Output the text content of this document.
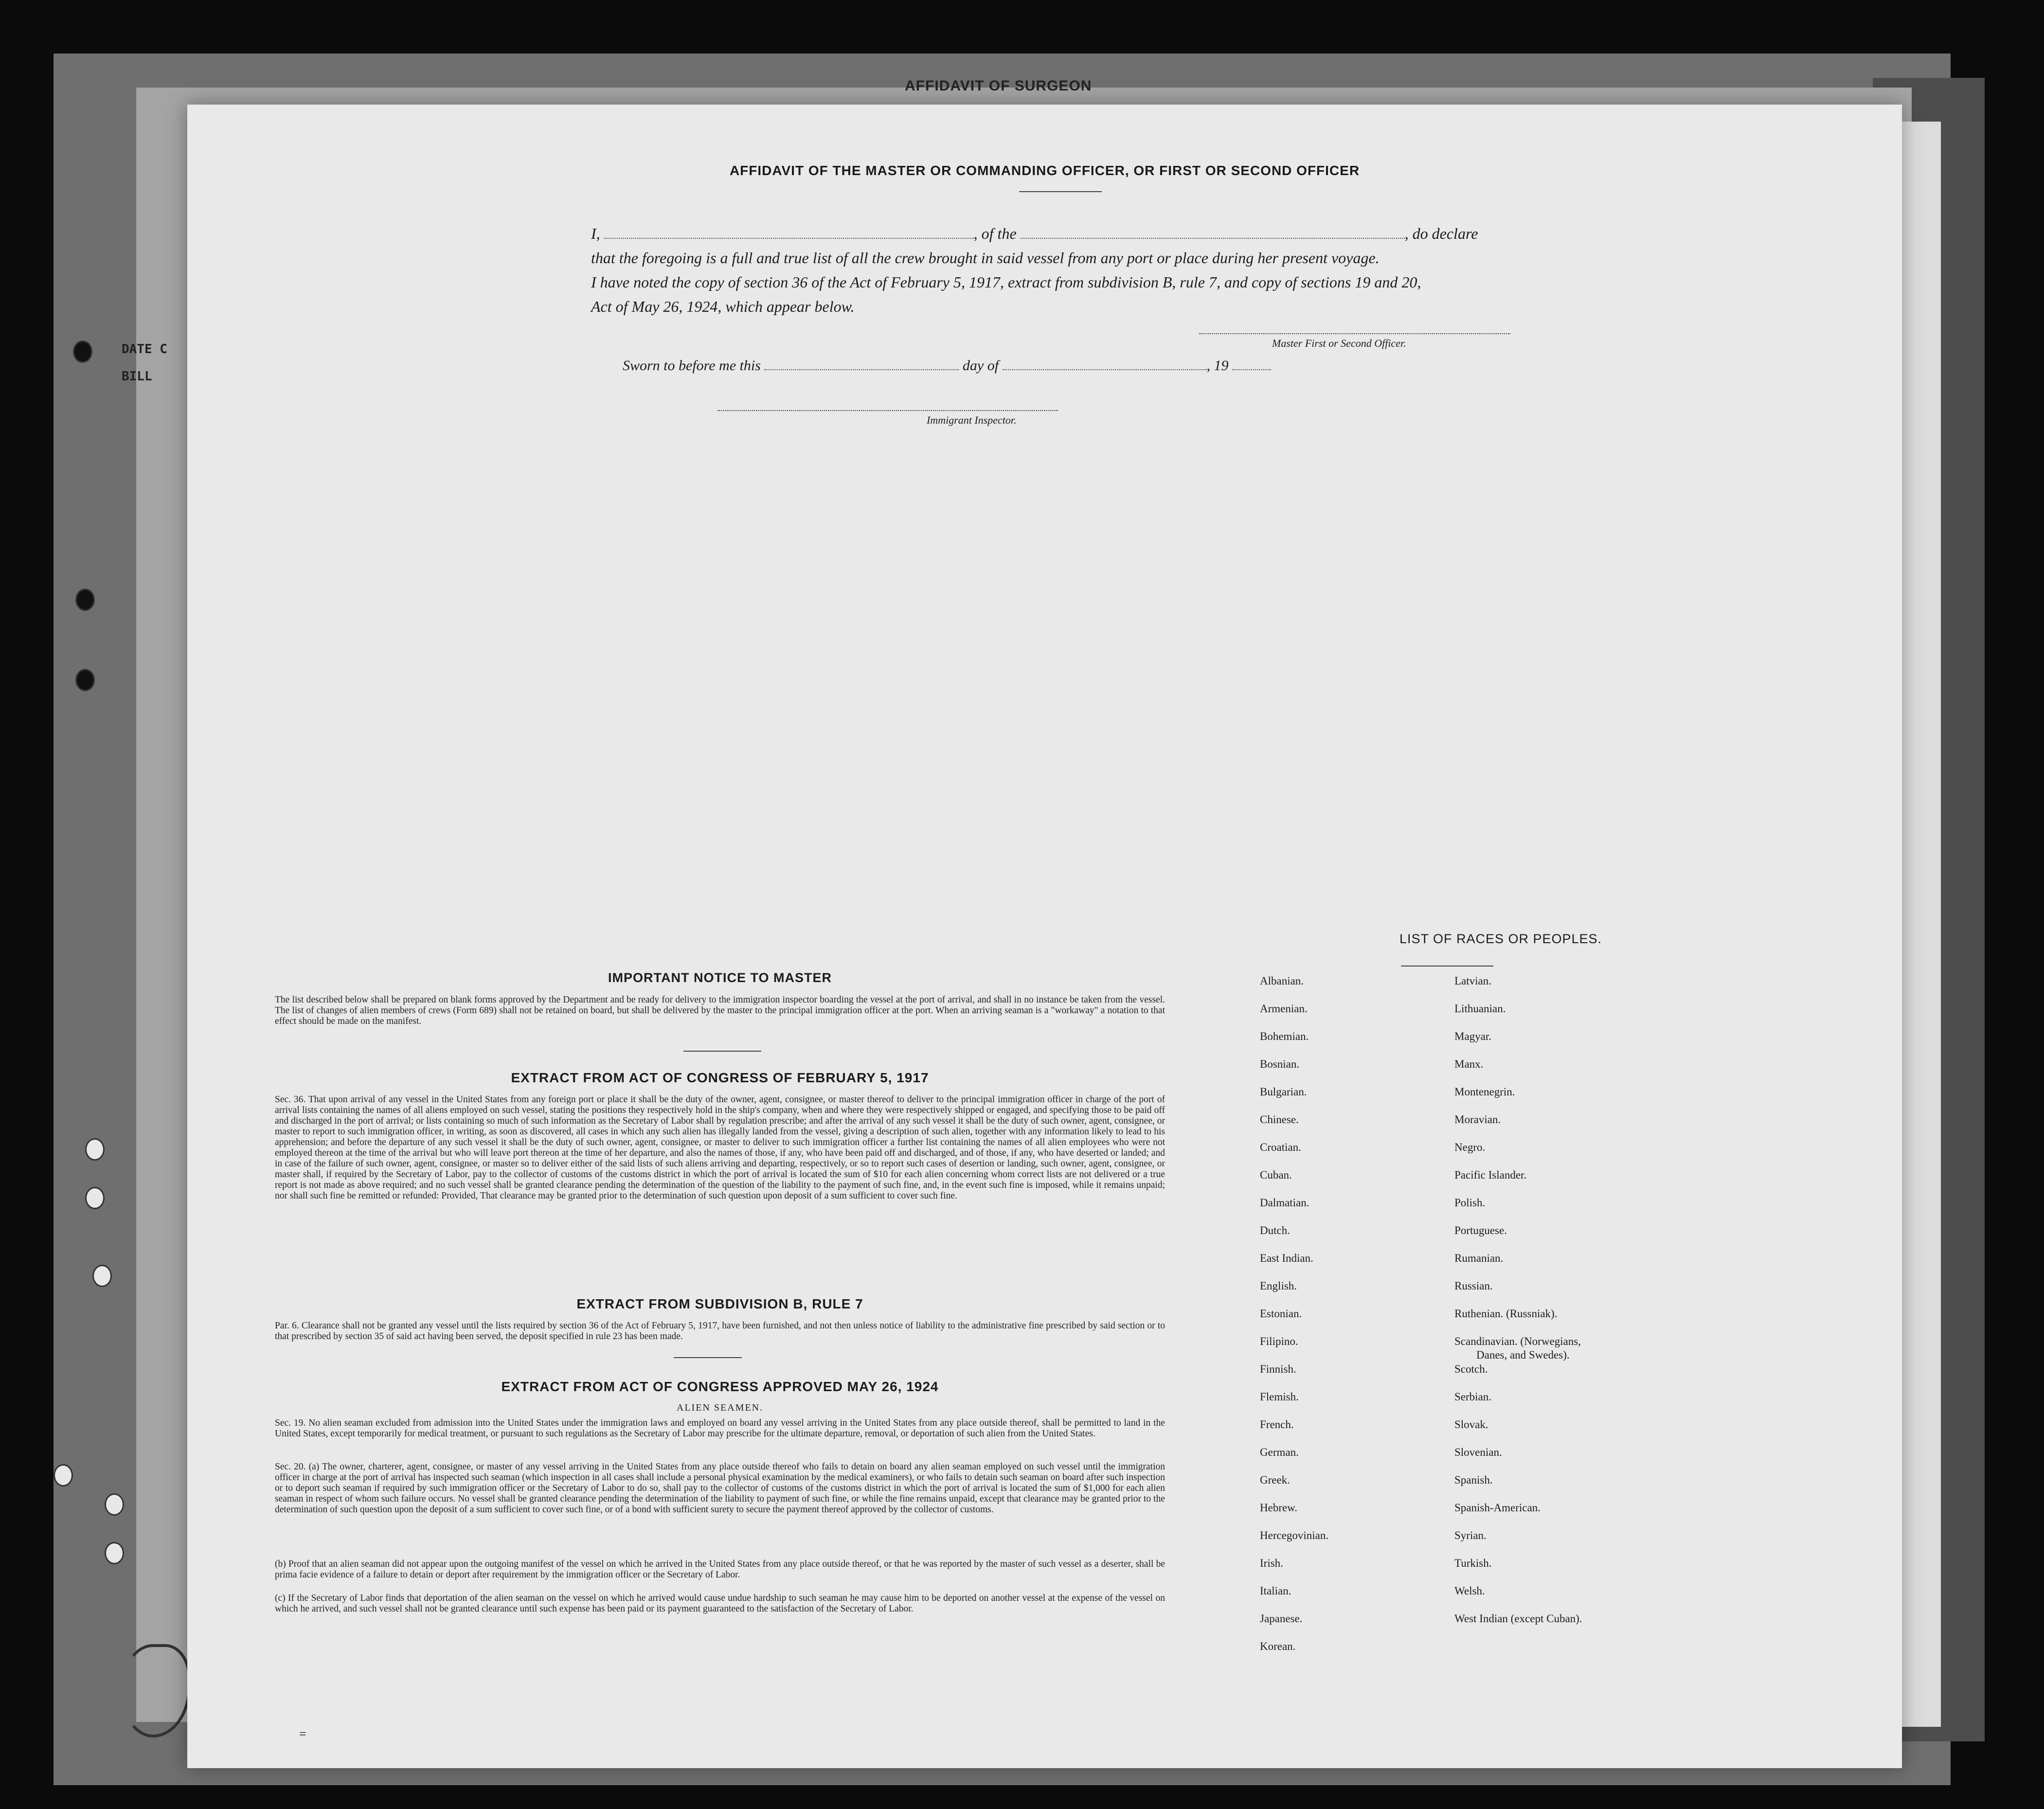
AFFIDAVIT OF SURGEON
DATE C
BILL
AFFIDAVIT OF THE MASTER OR COMMANDING OFFICER, OR FIRST OR SECOND OFFICER
I,	, of the	, do declare
that the foregoing is a full and true list of all the crew brought in said vessel from any port or place during her present voyage.
I have noted the copy of section 36 of the Act of February 5, 1917, extract from subdivision B, rule 7, and copy of sections 19 and 20,
Act of May 26, 1924, which appear below.
Master First or Second Officer.
Sworn to before me this	day of	, 19
Immigrant Inspector.
IMPORTANT NOTICE TO MASTER
The list described below shall be prepared on blank forms approved by the Department and be ready for delivery to the immigration inspector boarding the vessel at the port of arrival, and shall in no instance be taken from the vessel. The list of changes of alien members of crews (Form 689) shall not be retained on board, but shall be delivered by the master to the principal immigration officer at the port. When an arriving seaman is a "workaway" a notation to that effect should be made on the manifest.
EXTRACT FROM ACT OF CONGRESS OF FEBRUARY 5, 1917
Sec. 36. That upon arrival of any vessel in the United States from any foreign port or place it shall be the duty of the owner, agent, consignee, or master thereof to deliver to the principal immigration officer in charge of the port of arrival lists containing the names of all aliens employed on such vessel, stating the positions they respectively hold in the ship's company, when and where they were respectively shipped or engaged, and specifying those to be paid off and discharged in the port of arrival; or lists containing so much of such information as the Secretary of Labor shall by regulation prescribe; and after the arrival of any such vessel it shall be the duty of such owner, agent, consignee, or master to report to such immigration officer, in writing, as soon as discovered, all cases in which any such alien has illegally landed from the vessel, giving a description of such alien, together with any information likely to lead to his apprehension; and before the departure of any such vessel it shall be the duty of such owner, agent, consignee, or master to deliver to such immigration officer a further list containing the names of all alien employees who were not employed thereon at the time of the arrival but who will leave port thereon at the time of her departure, and also the names of those, if any, who have been paid off and discharged, and of those, if any, who have deserted or landed; and in case of the failure of such owner, agent, consignee, or master so to deliver either of the said lists of such aliens arriving and departing, respectively, or so to report such cases of desertion or landing, such owner, agent, consignee, or master shall, if required by the Secretary of Labor, pay to the collector of customs of the customs district in which the port of arrival is located the sum of $10 for each alien concerning whom correct lists are not delivered or a true report is not made as above required; and no such vessel shall be granted clearance pending the determination of the question of the liability to the payment of such fine, and, in the event such fine is imposed, while it remains unpaid; nor shall such fine be remitted or refunded: Provided, That clearance may be granted prior to the determination of such question upon deposit of a sum sufficient to cover such fine.
EXTRACT FROM SUBDIVISION B, RULE 7
Par. 6. Clearance shall not be granted any vessel until the lists required by section 36 of the Act of February 5, 1917, have been furnished, and not then unless notice of liability to the administrative fine prescribed by said section or to that prescribed by section 35 of said act having been served, the deposit specified in rule 23 has been made.
EXTRACT FROM ACT OF CONGRESS APPROVED MAY 26, 1924
ALIEN SEAMEN.
Sec. 19. No alien seaman excluded from admission into the United States under the immigration laws and employed on board any vessel arriving in the United States from any place outside thereof, shall be permitted to land in the United States, except temporarily for medical treatment, or pursuant to such regulations as the Secretary of Labor may prescribe for the ultimate departure, removal, or deportation of such alien from the United States.
Sec. 20. (a) The owner, charterer, agent, consignee, or master of any vessel arriving in the United States from any place outside thereof who fails to detain on board any alien seaman employed on such vessel until the immigration officer in charge at the port of arrival has inspected such seaman (which inspection in all cases shall include a personal physical examination by the medical examiners), or who fails to detain such seaman on board after such inspection or to deport such seaman if required by such immigration officer or the Secretary of Labor to do so, shall pay to the collector of customs of the customs district in which the port of arrival is located the sum of $1,000 for each alien seaman in respect of whom such failure occurs. No vessel shall be granted clearance pending the determination of the liability to payment of such fine, or while the fine remains unpaid, except that clearance may be granted prior to the determination of such question upon the deposit of a sum sufficient to cover such fine, or of a bond with sufficient surety to secure the payment thereof approved by the collector of customs.
(b) Proof that an alien seaman did not appear upon the outgoing manifest of the vessel on which he arrived in the United States from any place outside thereof, or that he was reported by the master of such vessel as a deserter, shall be prima facie evidence of a failure to detain or deport after requirement by the immigration officer or the Secretary of Labor.
(c) If the Secretary of Labor finds that deportation of the alien seaman on the vessel on which he arrived would cause undue hardship to such seaman he may cause him to be deported on another vessel at the expense of the vessel on which he arrived, and such vessel shall not be granted clearance until such expense has been paid or its payment guaranteed to the satisfaction of the Secretary of Labor.
LIST OF RACES OR PEOPLES.
Albanian.
Armenian.
Bohemian.
Bosnian.
Bulgarian.
Chinese.
Croatian.
Cuban.
Dalmatian.
Dutch.
East Indian.
English.
Estonian.
Filipino.
Finnish.
Flemish.
French.
German.
Greek.
Hebrew.
Hercegovinian.
Irish.
Italian.
Japanese.
Korean.
Latvian.
Lithuanian.
Magyar.
Manx.
Montenegrin.
Moravian.
Negro.
Pacific Islander.
Polish.
Portuguese.
Rumanian.
Russian.
Ruthenian. (Russniak).
Scandinavian. (Norwegians,
Danes, and Swedes).
Scotch.
Serbian.
Slovak.
Slovenian.
Spanish.
Spanish-American.
Syrian.
Turkish.
Welsh.
West Indian (except Cuban).
=
